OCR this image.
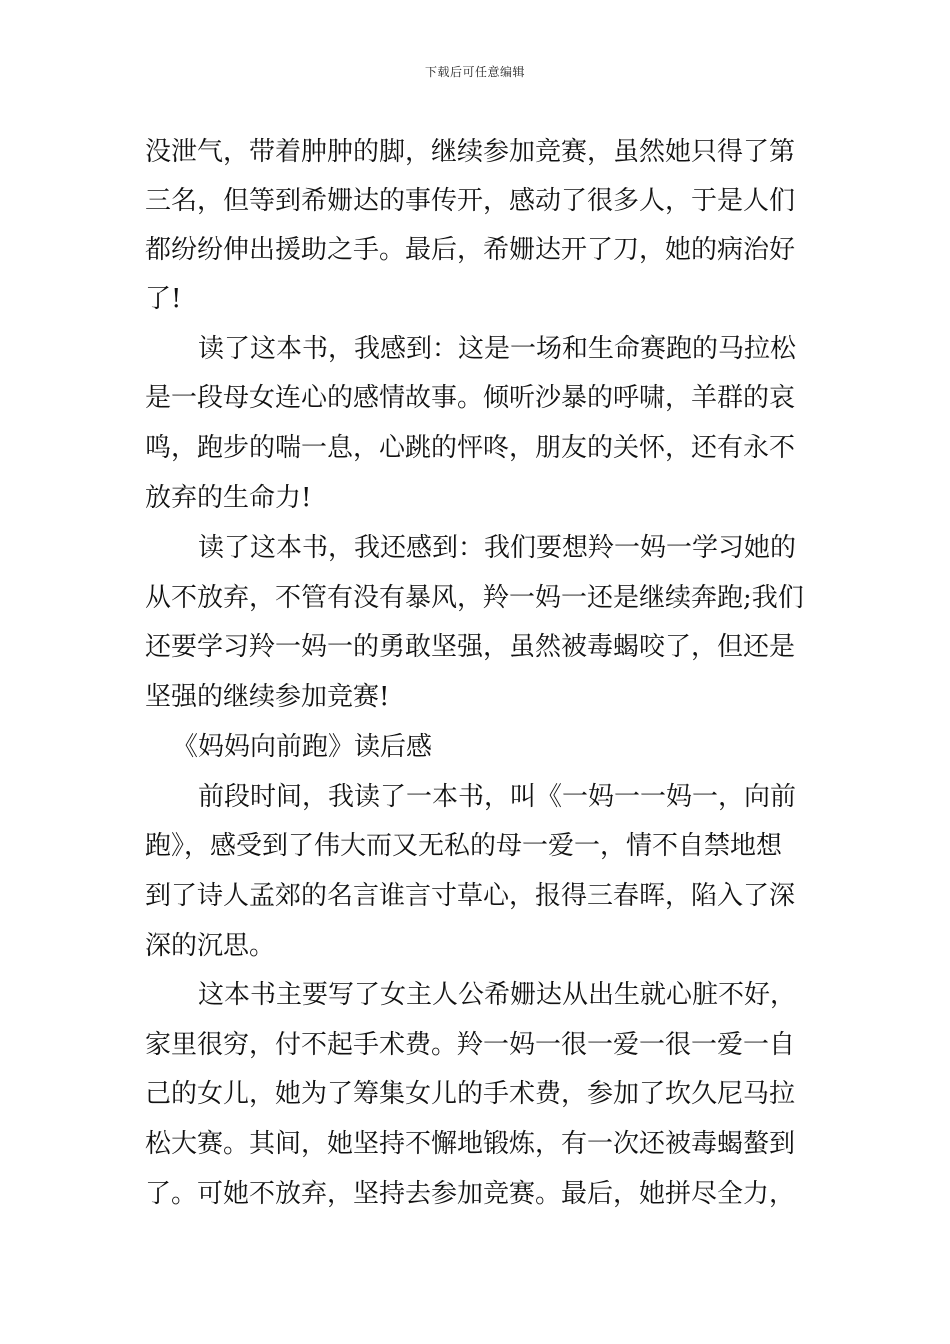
下载后可任意编辑
没泄气，带着肿肿的脚，继续参加竞赛，虽然她只得了第
三名，但等到希姗达的事传开，感动了很多人，于是人们
都纷纷伸出援助之手。最后，希姗达开了刀，她的病治好
了!
读了这本书，我感到：这是一场和生命赛跑的马拉松
是一段母女连心的感情故事。倾听沙暴的呼啸，羊群的哀
鸣，跑步的喘一息，心跳的怦咚，朋友的关怀，还有永不
放弃的生命力!
读了这本书，我还感到：我们要想羚一妈一学习她的
从不放弃，不管有没有暴风，羚一妈一还是继续奔跑;我们
还要学习羚一妈一的勇敢坚强，虽然被毒蝎咬了，但还是
坚强的继续参加竞赛!
《妈妈向前跑》读后感
前段时间，我读了一本书，叫《一妈一一妈一，向前
跑》，感受到了伟大而又无私的母一爱一，情不自禁地想
到了诗人孟郊的名言谁言寸草心，报得三春晖，陷入了深
深的沉思。
这本书主要写了女主人公希姗达从出生就心脏不好，
家里很穷，付不起手术费。羚一妈一很一爱一很一爱一自
己的女儿，她为了筹集女儿的手术费，参加了坎久尼马拉
松大赛。其间，她坚持不懈地锻炼，有一次还被毒蝎螯到
了。可她不放弃，坚持去参加竞赛。最后，她拼尽全力，
